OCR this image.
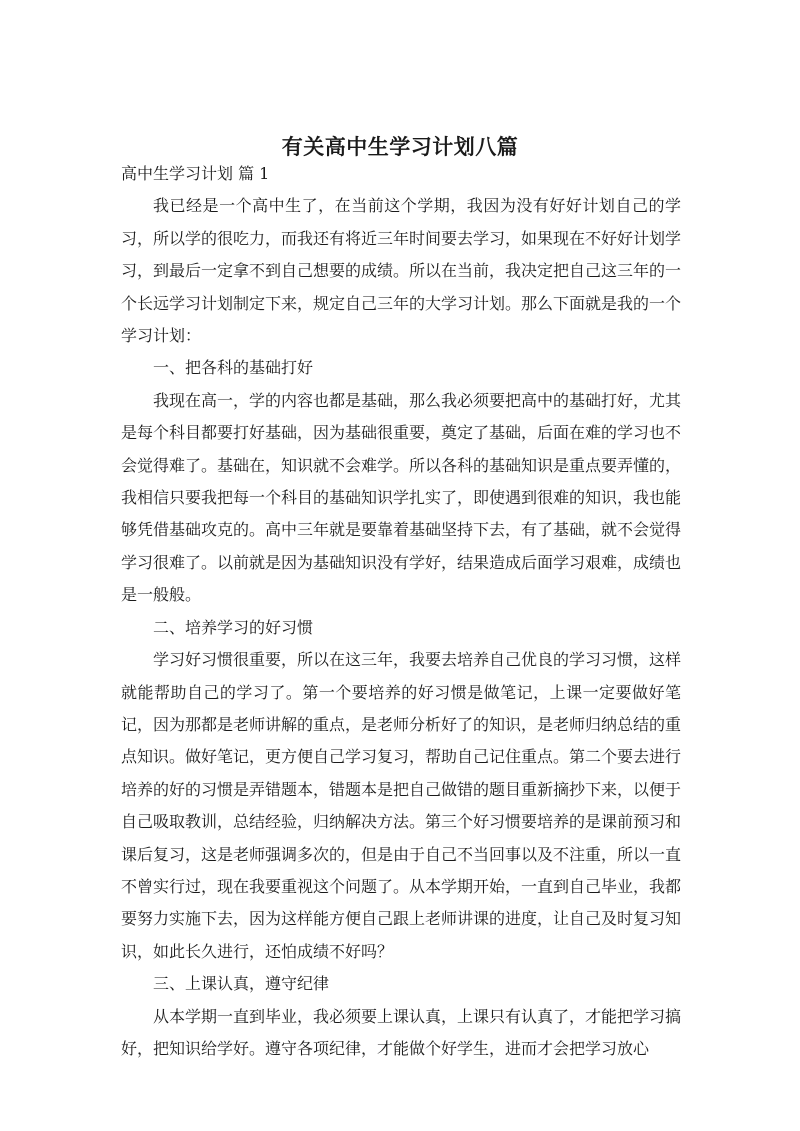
有关高中生学习计划八篇

高中生学习计划 篇 1

我已经是一个高中生了，在当前这个学期，我因为没有好好计划自己的学习，所以学的很吃力，而我还有将近三年时间要去学习，如果现在不好好计划学习，到最后一定拿不到自己想要的成绩。所以在当前，我决定把自己这三年的一个长远学习计划制定下来，规定自己三年的大学习计划。那么下面就是我的一个学习计划：

一、把各科的基础打好

我现在高一，学的内容也都是基础，那么我必须要把高中的基础打好，尤其是每个科目都要打好基础，因为基础很重要，奠定了基础，后面在难的学习也不会觉得难了。基础在，知识就不会难学。所以各科的基础知识是重点要弄懂的，我相信只要我把每一个科目的基础知识学扎实了，即使遇到很难的知识，我也能够凭借基础攻克的。高中三年就是要靠着基础坚持下去，有了基础，就不会觉得学习很难了。以前就是因为基础知识没有学好，结果造成后面学习艰难，成绩也是一般般。

二、培养学习的好习惯

学习好习惯很重要，所以在这三年，我要去培养自己优良的学习习惯，这样就能帮助自己的学习了。第一个要培养的好习惯是做笔记，上课一定要做好笔记，因为那都是老师讲解的重点，是老师分析好了的知识，是老师归纳总结的重点知识。做好笔记，更方便自己学习复习，帮助自己记住重点。第二个要去进行培养的好的习惯是弄错题本，错题本是把自己做错的题目重新摘抄下来，以便于自己吸取教训，总结经验，归纳解决方法。第三个好习惯要培养的是课前预习和课后复习，这是老师强调多次的，但是由于自己不当回事以及不注重，所以一直不曾实行过，现在我要重视这个问题了。从本学期开始，一直到自己毕业，我都要努力实施下去，因为这样能方便自己跟上老师讲课的进度，让自己及时复习知识，如此长久进行，还怕成绩不好吗？

三、上课认真，遵守纪律

从本学期一直到毕业，我必须要上课认真，上课只有认真了，才能把学习搞好，把知识给学好。遵守各项纪律，才能做个好学生，进而才会把学习放心
